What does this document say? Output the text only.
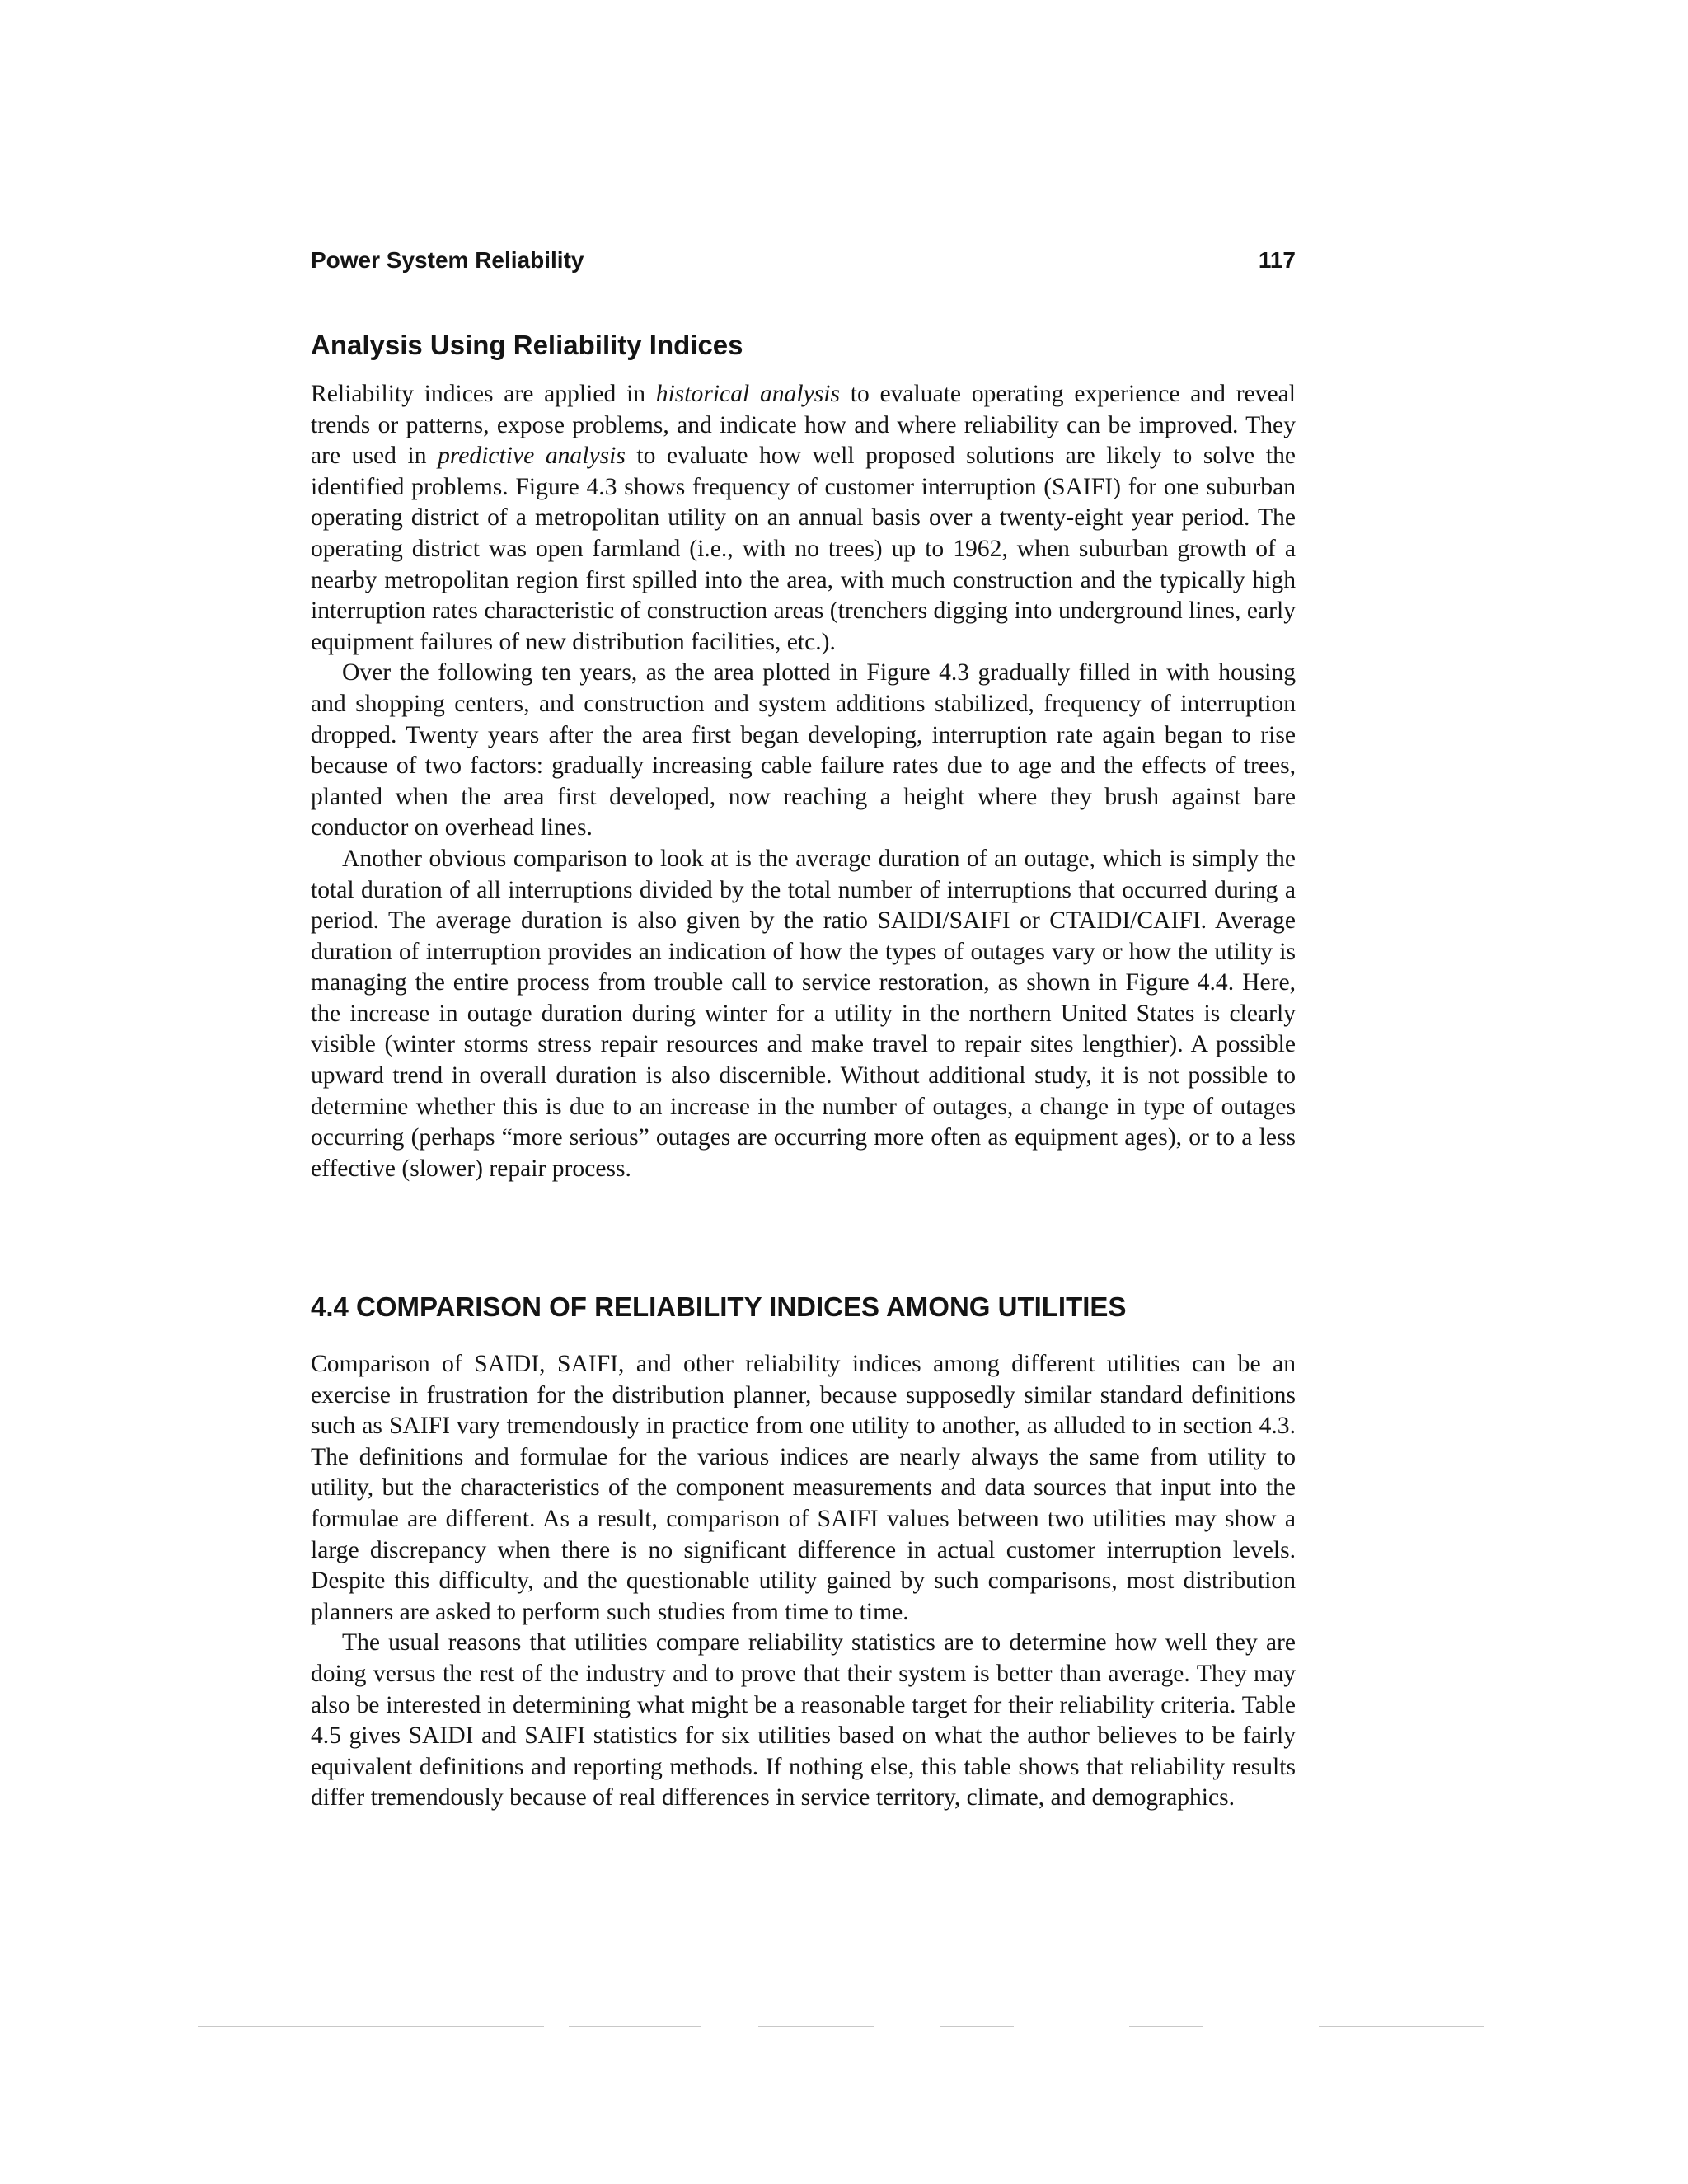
Power System Reliability	117
Analysis Using Reliability Indices

Reliability indices are applied in historical analysis to evaluate operating experience and reveal trends or patterns, expose problems, and indicate how and where reliability can be improved. They are used in predictive analysis to evaluate how well proposed solutions are likely to solve the identified problems. Figure 4.3 shows frequency of customer interruption (SAIFI) for one suburban operating district of a metropolitan utility on an annual basis over a twenty-eight year period. The operating district was open farmland (i.e., with no trees) up to 1962, when suburban growth of a nearby metropolitan region first spilled into the area, with much construction and the typically high interruption rates characteristic of construction areas (trenchers digging into underground lines, early equipment failures of new distribution facilities, etc.).

Over the following ten years, as the area plotted in Figure 4.3 gradually filled in with housing and shopping centers, and construction and system additions stabilized, frequency of interruption dropped. Twenty years after the area first began developing, interruption rate again began to rise because of two factors: gradually increasing cable failure rates due to age and the effects of trees, planted when the area first developed, now reaching a height where they brush against bare conductor on overhead lines.

Another obvious comparison to look at is the average duration of an outage, which is simply the total duration of all interruptions divided by the total number of interruptions that occurred during a period. The average duration is also given by the ratio SAIDI/SAIFI or CTAIDI/CAIFI. Average duration of interruption provides an indication of how the types of outages vary or how the utility is managing the entire process from trouble call to service restoration, as shown in Figure 4.4. Here, the increase in outage duration during winter for a utility in the northern United States is clearly visible (winter storms stress repair resources and make travel to repair sites lengthier). A possible upward trend in overall duration is also discernible. Without additional study, it is not possible to determine whether this is due to an increase in the number of outages, a change in type of outages occurring (perhaps “more serious” outages are occurring more often as equipment ages), or to a less effective (slower) repair process.

4.4 COMPARISON OF RELIABILITY INDICES AMONG UTILITIES

Comparison of SAIDI, SAIFI, and other reliability indices among different utilities can be an exercise in frustration for the distribution planner, because supposedly similar standard definitions such as SAIFI vary tremendously in practice from one utility to another, as alluded to in section 4.3. The definitions and formulae for the various indices are nearly always the same from utility to utility, but the characteristics of the component measurements and data sources that input into the formulae are different. As a result, comparison of SAIFI values between two utilities may show a large discrepancy when there is no significant difference in actual customer interruption levels. Despite this difficulty, and the questionable utility gained by such comparisons, most distribution planners are asked to perform such studies from time to time.

The usual reasons that utilities compare reliability statistics are to determine how well they are doing versus the rest of the industry and to prove that their system is better than average. They may also be interested in determining what might be a reasonable target for their reliability criteria. Table 4.5 gives SAIDI and SAIFI statistics for six utilities based on what the author believes to be fairly equivalent definitions and reporting methods. If nothing else, this table shows that reliability results differ tremendously because of real differences in service territory, climate, and demographics.
